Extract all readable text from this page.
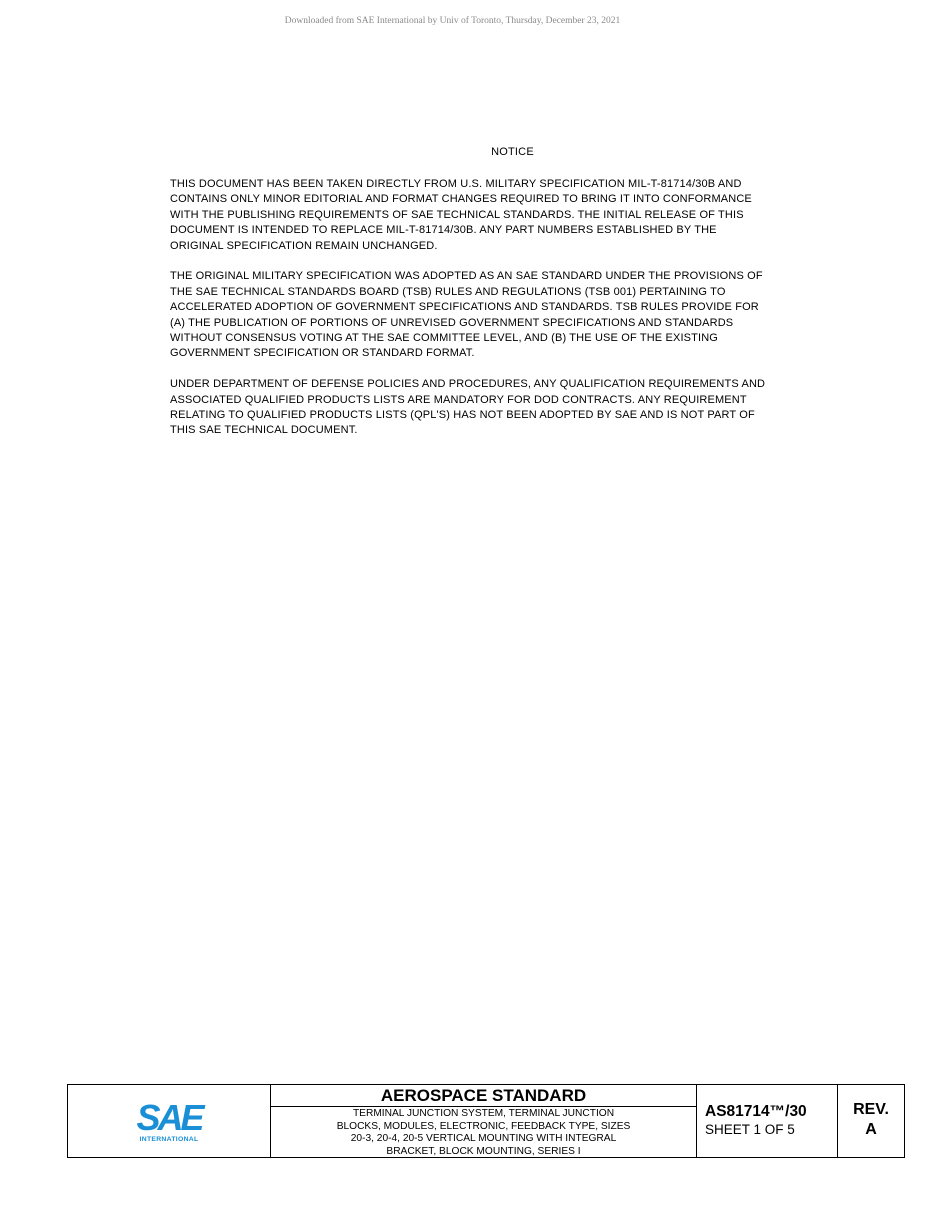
Downloaded from SAE International by Univ of Toronto, Thursday, December 23, 2021
NOTICE

THIS DOCUMENT HAS BEEN TAKEN DIRECTLY FROM U.S. MILITARY SPECIFICATION MIL-T-81714/30B AND
CONTAINS ONLY MINOR EDITORIAL AND FORMAT CHANGES REQUIRED TO BRING IT INTO CONFORMANCE
WITH THE PUBLISHING REQUIREMENTS OF SAE TECHNICAL STANDARDS. THE INITIAL RELEASE OF THIS
DOCUMENT IS INTENDED TO REPLACE MIL-T-81714/30B. ANY PART NUMBERS ESTABLISHED BY THE
ORIGINAL SPECIFICATION REMAIN UNCHANGED.

THE ORIGINAL MILITARY SPECIFICATION WAS ADOPTED AS AN SAE STANDARD UNDER THE PROVISIONS OF
THE SAE TECHNICAL STANDARDS BOARD (TSB) RULES AND REGULATIONS (TSB 001) PERTAINING TO
ACCELERATED ADOPTION OF GOVERNMENT SPECIFICATIONS AND STANDARDS. TSB RULES PROVIDE FOR
(A) THE PUBLICATION OF PORTIONS OF UNREVISED GOVERNMENT SPECIFICATIONS AND STANDARDS
WITHOUT CONSENSUS VOTING AT THE SAE COMMITTEE LEVEL, AND (B) THE USE OF THE EXISTING
GOVERNMENT SPECIFICATION OR STANDARD FORMAT.

UNDER DEPARTMENT OF DEFENSE POLICIES AND PROCEDURES, ANY QUALIFICATION REQUIREMENTS AND
ASSOCIATED QUALIFIED PRODUCTS LISTS ARE MANDATORY FOR DOD CONTRACTS. ANY REQUIREMENT
RELATING TO QUALIFIED PRODUCTS LISTS (QPL'S) HAS NOT BEEN ADOPTED BY SAE AND IS NOT PART OF
THIS SAE TECHNICAL DOCUMENT.

SAE
INTERNATIONAL
AEROSPACE STANDARD
TERMINAL JUNCTION SYSTEM, TERMINAL JUNCTION
BLOCKS, MODULES, ELECTRONIC, FEEDBACK TYPE, SIZES
20-3, 20-4, 20-5 VERTICAL MOUNTING WITH INTEGRAL
BRACKET, BLOCK MOUNTING, SERIES I
AS81714™/30
SHEET 1 OF 5
REV.
A
